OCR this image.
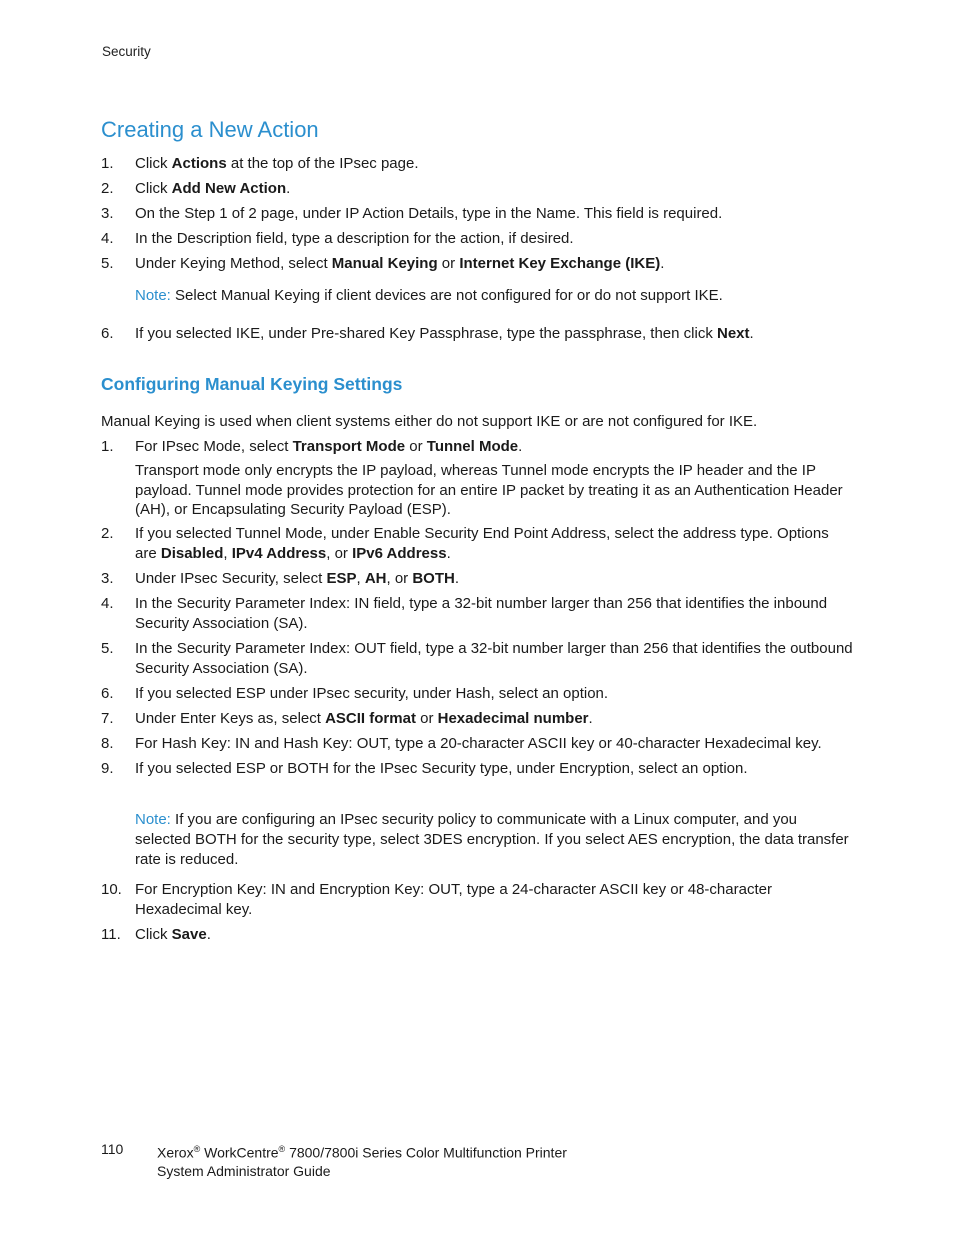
Security
Creating a New Action
1.	Click Actions at the top of the IPsec page.
2.	Click Add New Action.
3.	On the Step 1 of 2 page, under IP Action Details, type in the Name. This field is required.
4.	In the Description field, type a description for the action, if desired.
5.	Under Keying Method, select Manual Keying or Internet Key Exchange (IKE).
Note: Select Manual Keying if client devices are not configured for or do not support IKE.
6.	If you selected IKE, under Pre-shared Key Passphrase, type the passphrase, then click Next.
Configuring Manual Keying Settings
Manual Keying is used when client systems either do not support IKE or are not configured for IKE.
1.	For IPsec Mode, select Transport Mode or Tunnel Mode.
Transport mode only encrypts the IP payload, whereas Tunnel mode encrypts the IP header and the IP payload. Tunnel mode provides protection for an entire IP packet by treating it as an Authentication Header (AH), or Encapsulating Security Payload (ESP).
2.	If you selected Tunnel Mode, under Enable Security End Point Address, select the address type. Options are Disabled, IPv4 Address, or IPv6 Address.
3.	Under IPsec Security, select ESP, AH, or BOTH.
4.	In the Security Parameter Index: IN field, type a 32-bit number larger than 256 that identifies the inbound Security Association (SA).
5.	In the Security Parameter Index: OUT field, type a 32-bit number larger than 256 that identifies the outbound Security Association (SA).
6.	If you selected ESP under IPsec security, under Hash, select an option.
7.	Under Enter Keys as, select ASCII format or Hexadecimal number.
8.	For Hash Key: IN and Hash Key: OUT, type a 20-character ASCII key or 40-character Hexadecimal key.
9.	If you selected ESP or BOTH for the IPsec Security type, under Encryption, select an option.
Note: If you are configuring an IPsec security policy to communicate with a Linux computer, and you selected BOTH for the security type, select 3DES encryption. If you select AES encryption, the data transfer rate is reduced.
10. For Encryption Key: IN and Encryption Key: OUT, type a 24-character ASCII key or 48-character Hexadecimal key.
11. Click Save.
110	Xerox® WorkCentre® 7800/7800i Series Color Multifunction Printer
System Administrator Guide
